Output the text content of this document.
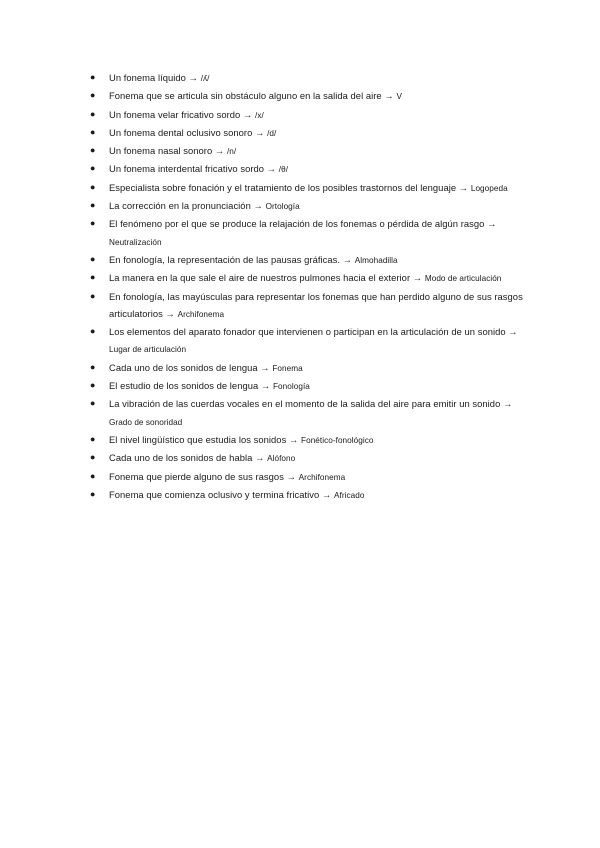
● Un fonema líquido → /ʎ/
● Fonema que se articula sin obstáculo alguno en la salida del aire → V
● Un fonema velar fricativo sordo → /x/
● Un fonema dental oclusivo sonoro → /d/
● Un fonema nasal sonoro → /n/
● Un fonema interdental fricativo sordo → /θ/
● Especialista sobre fonación y el tratamiento de los posibles trastornos del lenguaje → Logopeda
● La corrección en la pronunciación → Ortología
● El fenómeno por el que se produce la relajación de los fonemas o pérdida de algún rasgo → Neutralización
● En fonología, la representación de las pausas gráficas. → Almohadilla
● La manera en la que sale el aire de nuestros pulmones hacia el exterior → Modo de articulación
● En fonología, las mayúsculas para representar los fonemas que han perdido alguno de sus rasgos articulatorios → Archifonema
● Los elementos del aparato fonador que intervienen o participan en la articulación de un sonido → Lugar de articulación
● Cada uno de los sonidos de lengua → Fonema
● El estudio de los sonidos de lengua → Fonología
● La vibración de las cuerdas vocales en el momento de la salida del aire para emitir un sonido → Grado de sonoridad
● El nivel lingüístico que estudia los sonidos → Fonético-fonológico
● Cada uno de los sonidos de habla → Alófono
● Fonema que pierde alguno de sus rasgos → Archifonema
● Fonema que comienza oclusivo y termina fricativo → Africado
